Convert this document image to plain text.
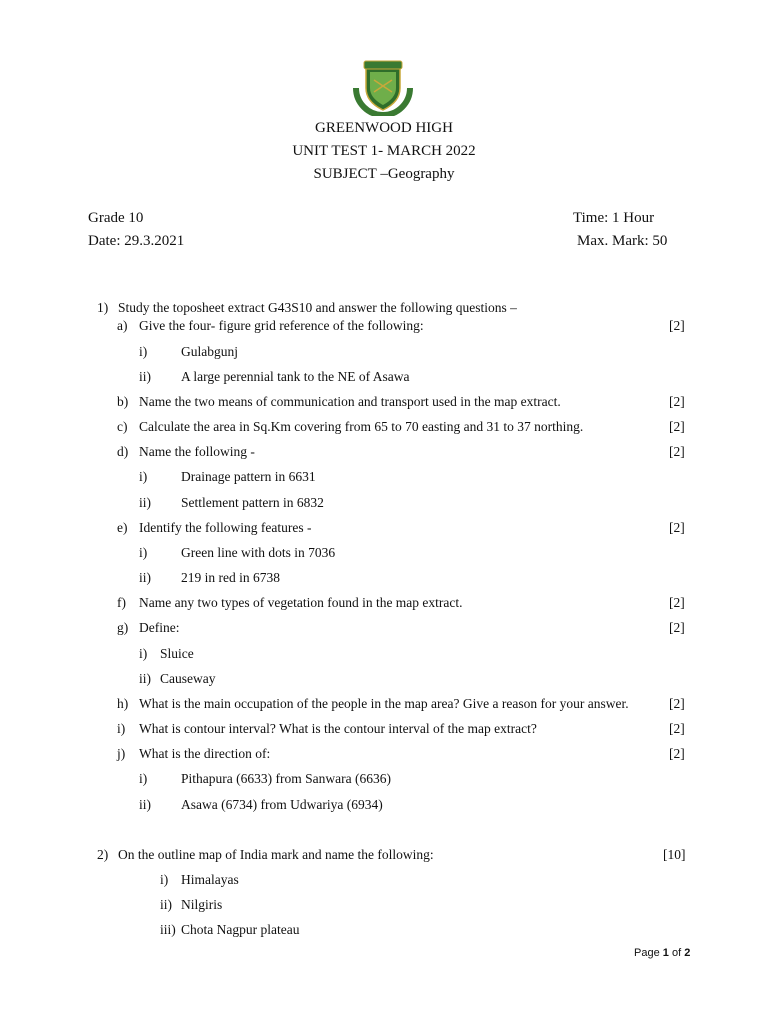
GREENWOOD HIGH
UNIT TEST 1- MARCH 2022
SUBJECT –Geography
Grade 10	Time: 1 Hour
Date: 29.3.2021	Max. Mark: 50
1) Study the toposheet extract G43S10 and answer the following questions –
a) Give the four- figure grid reference of the following:	[2]
i)	Gulabgunj
ii) A large perennial tank to the NE of Asawa
b) Name the two means of communication and transport used in the map extract.	[2]
c) Calculate the area in Sq.Km covering from 65 to 70 easting and 31 to 37 northing.	[2]
d) Name the following -	[2]
i)	Drainage pattern in 6631
ii) Settlement pattern in 6832
e) Identify the following features -	[2]
i)	Green line with dots in 7036
ii) 219 in red in 6738
f) Name any two types of vegetation found in the map extract.	[2]
g) Define:	[2]
i) Sluice
ii) Causeway
h) What is the main occupation of the people in the map area? Give a reason for your answer.	[2]
i) What is contour interval? What is the contour interval of the map extract?	[2]
j) What is the direction of:	[2]
i)	Pithapura (6633) from Sanwara (6636)
ii) Asawa (6734) from Udwariya (6934)
2) On the outline map of India mark and name the following:	[10]
i) Himalayas
ii) Nilgiris
iii) Chota Nagpur plateau
Page 1 of 2
